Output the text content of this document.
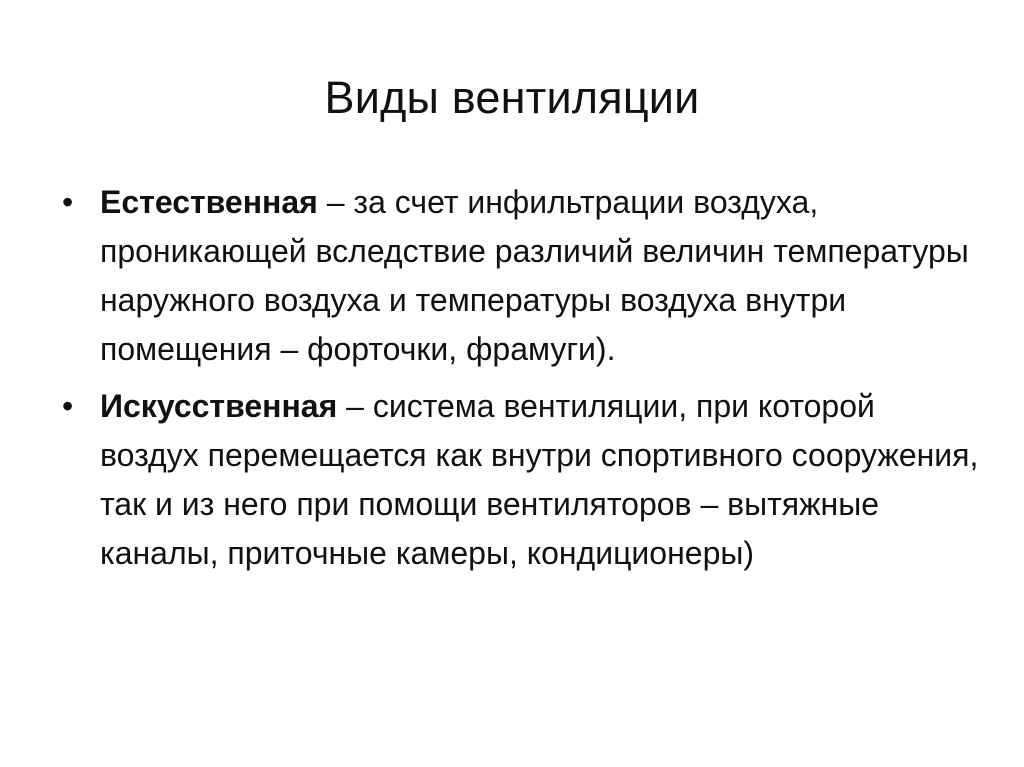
Виды вентиляции
• Естественная – за счет инфильтрации воздуха, проникающей вследствие различий величин температуры наружного воздуха и температуры воздуха внутри помещения – форточки, фрамуги).
• Искусственная – система вентиляции, при которой воздух перемещается как внутри спортивного сооружения, так и из него при помощи вентиляторов – вытяжные каналы, приточные камеры, кондиционеры)
